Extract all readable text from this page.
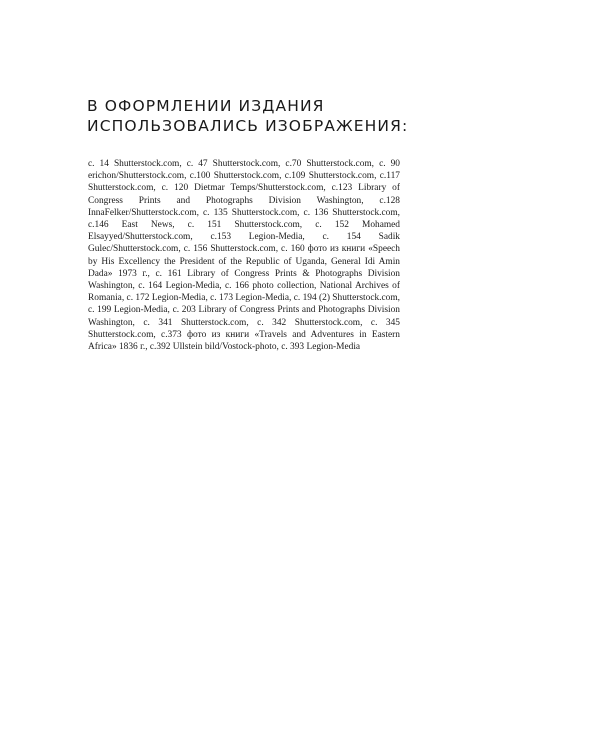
В ОФОРМЛЕНИИ ИЗДАНИЯ
ИСПОЛЬЗОВАЛИСЬ ИЗОБРАЖЕНИЯ:

с. 14 Shutterstock.com, с. 47 Shutterstock.com, с.70 Shutterstock.com, с. 90 erichon/Shutterstock.com, с.100 Shutterstock.com, с.109 Shutterstock.com, с.117 Shutterstock.com, с. 120 Dietmar Temps/Shutterstock.com, с.123 Library of Congress Prints and Photographs Division Washington, с.128 InnaFelker/Shutterstock.com, с. 135 Shutterstock.com, с. 136 Shutterstock.com, с.146 East News, с. 151 Shutterstock.com, с. 152 Mohamed Elsayyed/Shutterstock.com, с.153 Legion-Media, с. 154 Sadik Gulec/Shutterstock.com, с. 156 Shutterstock.com, с. 160 фото из книги «Speech by His Excellency the President of the Republic of Uganda, General Idi Amin Dada» 1973 г., с. 161 Library of Congress Prints & Photographs Division Washington, с. 164 Legion-Media, с. 166 photo collection, National Archives of Romania, с. 172 Legion-Media, с. 173 Legion-Media, с. 194 (2) Shutterstock.com, с. 199 Legion-Media, с. 203 Library of Congress Prints and Photographs Division Washington, с. 341 Shutterstock.com, с. 342 Shutterstock.com, с. 345 Shutterstock.com, с.373 фото из книги «Travels and Adventures in Eastern Africa» 1836 г., с.392 Ullstein bild/Vostock-photo, с. 393 Legion-Media
